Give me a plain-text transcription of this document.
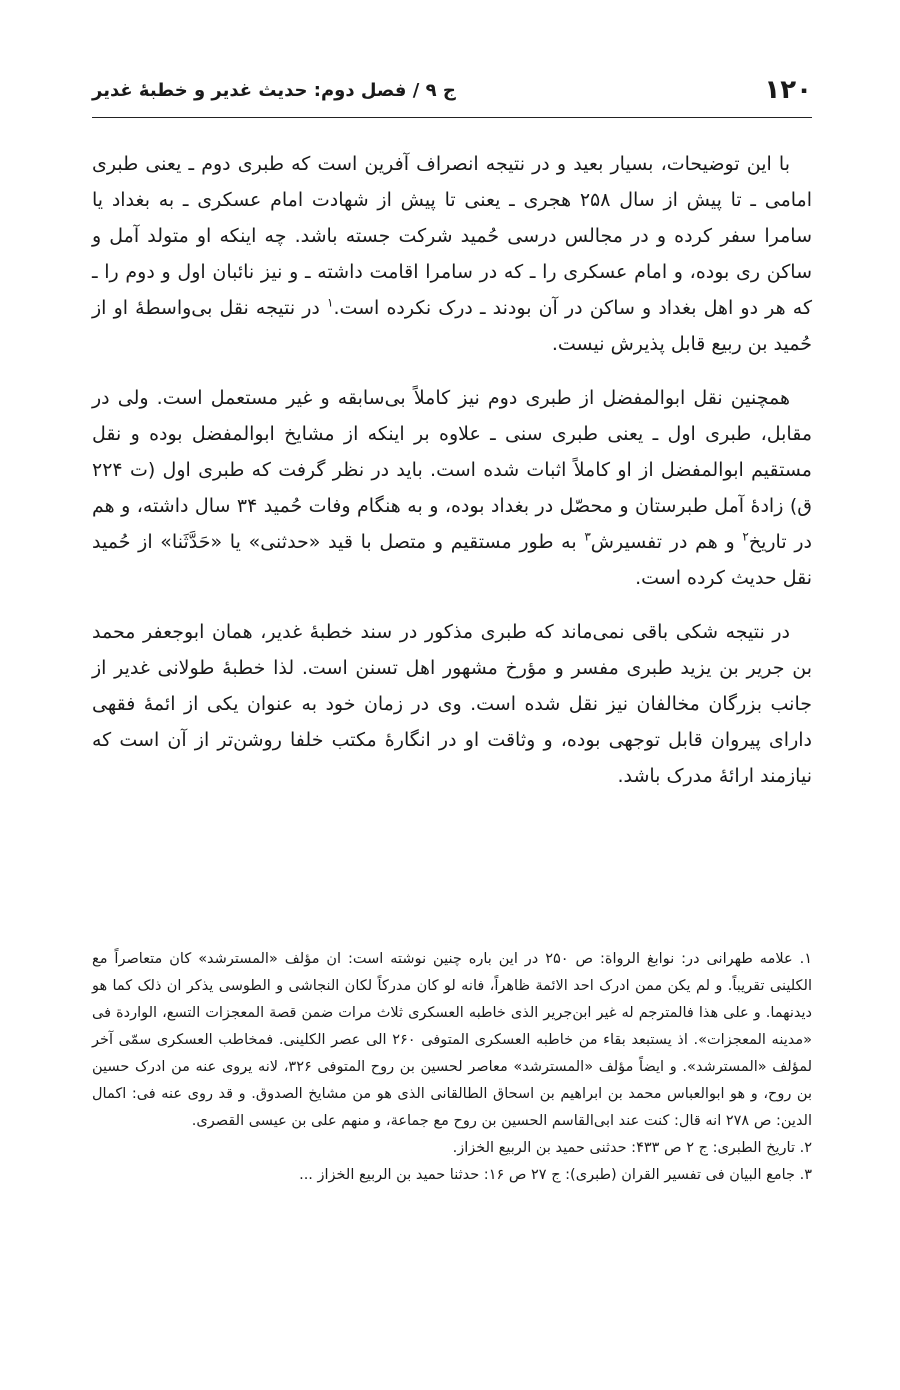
۱۲۰
ج ۹ / فصل دوم: حدیث غدیر و خطبهٔ غدیر

با این توضیحات، بسیار بعید و در نتیجه انصراف آفرین است که طبری دوم ـ یعنی طبری امامی ـ تا پیش از سال ۲۵۸ هجری ـ یعنی تا پیش از شهادت امام عسکری ـ به بغداد یا سامرا سفر کرده و در مجالس درسی حُمید شرکت جسته باشد. چه اینکه او متولد آمل و ساکن ری بوده، و امام عسکری را ـ که در سامرا اقامت داشته ـ و نیز نائبان اول و دوم را ـ که هر دو اهل بغداد و ساکن در آن بودند ـ درک نکرده است.$^۱$ در نتیجه نقل بی‌واسطهٔ او از حُمید بن ربیع قابل پذیرش نیست.

همچنین نقل ابوالمفضل از طبری دوم نیز کاملاً بی‌سابقه و غیر مستعمل است. ولی در مقابل، طبری اول ـ یعنی طبری سنی ـ علاوه بر اینکه از مشایخ ابوالمفضل بوده و نقل مستقیم ابوالمفضل از او کاملاً اثبات شده است. باید در نظر گرفت که طبری اول (ت ۲۲۴ ق) زادهٔ آمل طبرستان و محصّل در بغداد بوده، و به هنگام وفات حُمید ۳۴ سال داشته، و هم در تاریخ$^۲$ و هم در تفسیرش$^۳$ به طور مستقیم و متصل با قید «حدثنی» یا «حَدَّثَنا» از حُمید نقل حدیث کرده است.

در نتیجه شکی باقی نمی‌ماند که طبری مذکور در سند خطبهٔ غدیر، همان ابوجعفر محمد بن جریر بن یزید طبری مفسر و مؤرخ مشهور اهل تسنن است. لذا خطبهٔ طولانی غدیر از جانب بزرگان مخالفان نیز نقل شده است. وی در زمان خود به عنوان یکی از ائمهٔ فقهی دارای پیروان قابل توجهی بوده، و وثاقت او در انگارهٔ مکتب خلفا روشن‌تر از آن است که نیازمند ارائهٔ مدرک باشد.

۱. علامه طهرانی در: نوابغ الرواة: ص ۲۵۰ در این باره چنین نوشته است: ان مؤلف «المسترشد» کان متعاصراً مع الکلینی تقریباً. و لم یکن ممن ادرک احد الائمة ظاهراً، فانه لو کان مدرکاً لکان النجاشی و الطوسی یذکر ان ذلک کما هو دیدنهما. و علی هذا فالمترجم له غیر ابن‌جریر الذی خاطبه العسکری ثلاث مرات ضمن قصة المعجزات التسع، الواردة فی «مدینه المعجزات». اذ یستبعد بقاء من خاطبه العسکری المتوفی ۲۶۰ الی عصر الکلینی. فمخاطب العسکری سمّی آخر لمؤلف «المسترشد». و ایضاً مؤلف «المسترشد» معاصر لحسین بن روح المتوفی ۳۲۶، لانه یروی عنه من ادرک حسین بن روح، و هو ابوالعباس محمد بن ابراهیم بن اسحاق الطالقانی الذی هو من مشایخ الصدوق. و قد روی عنه فی: اکمال الدین: ص ۲۷۸ انه قال: کنت عند ابی‌القاسم الحسین بن روح مع جماعة، و منهم علی بن عیسی القصری.

۲. تاریخ الطبری: ج ۲ ص ۴۳۳: حدثنی حمید بن الربیع الخزاز.

۳. جامع البیان فی تفسیر القران (طبری): ج ۲۷ ص ۱۶: حدثنا حمید بن الربیع الخزاز ...
